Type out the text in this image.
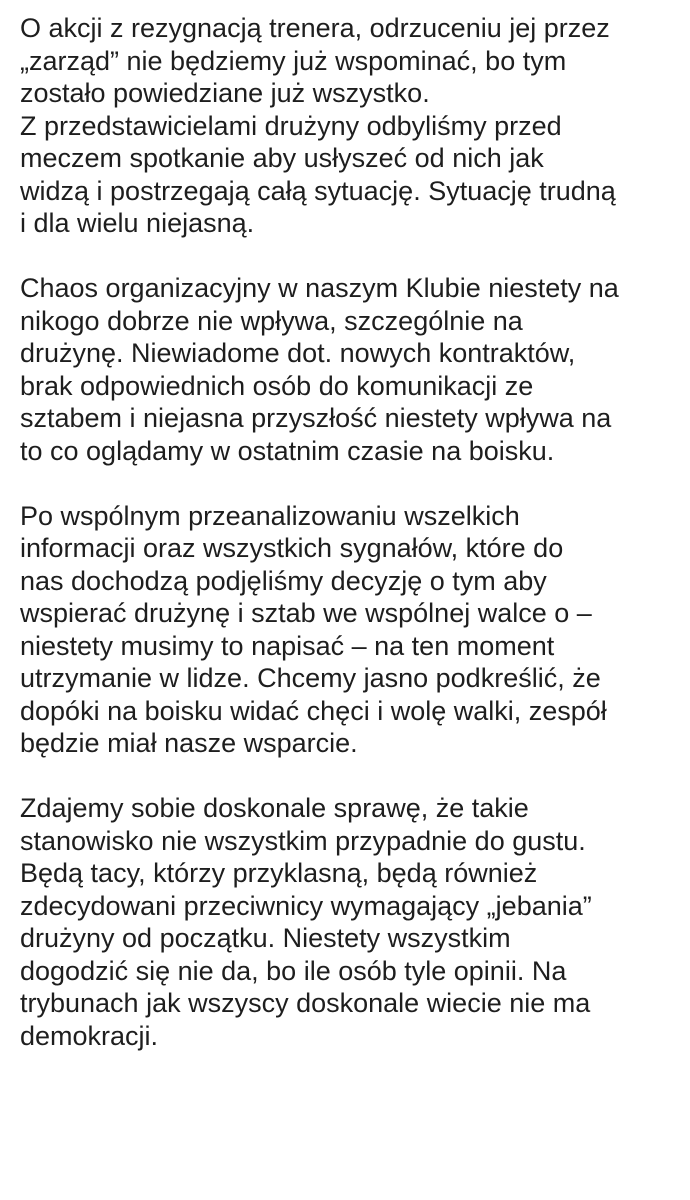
O akcji z rezygnacją trenera, odrzuceniu jej przez
„zarząd” nie będziemy już wspominać, bo tym
zostało powiedziane już wszystko.
Z przedstawicielami drużyny odbyliśmy przed
meczem spotkanie aby usłyszeć od nich jak
widzą i postrzegają całą sytuację. Sytuację trudną
i dla wielu niejasną.
Chaos organizacyjny w naszym Klubie niestety na
nikogo dobrze nie wpływa, szczególnie na
drużynę. Niewiadome dot. nowych kontraktów,
brak odpowiednich osób do komunikacji ze
sztabem i niejasna przyszłość niestety wpływa na
to co oglądamy w ostatnim czasie na boisku.
Po wspólnym przeanalizowaniu wszelkich
informacji oraz wszystkich sygnałów, które do
nas dochodzą podjęliśmy decyzję o tym aby
wspierać drużynę i sztab we wspólnej walce o –
niestety musimy to napisać – na ten moment
utrzymanie w lidze. Chcemy jasno podkreślić, że
dopóki na boisku widać chęci i wolę walki, zespół
będzie miał nasze wsparcie.
Zdajemy sobie doskonale sprawę, że takie
stanowisko nie wszystkim przypadnie do gustu.
Będą tacy, którzy przyklasną, będą również
zdecydowani przeciwnicy wymagający „jebania”
drużyny od początku. Niestety wszystkim
dogodzić się nie da, bo ile osób tyle opinii. Na
trybunach jak wszyscy doskonale wiecie nie ma
demokracji.
